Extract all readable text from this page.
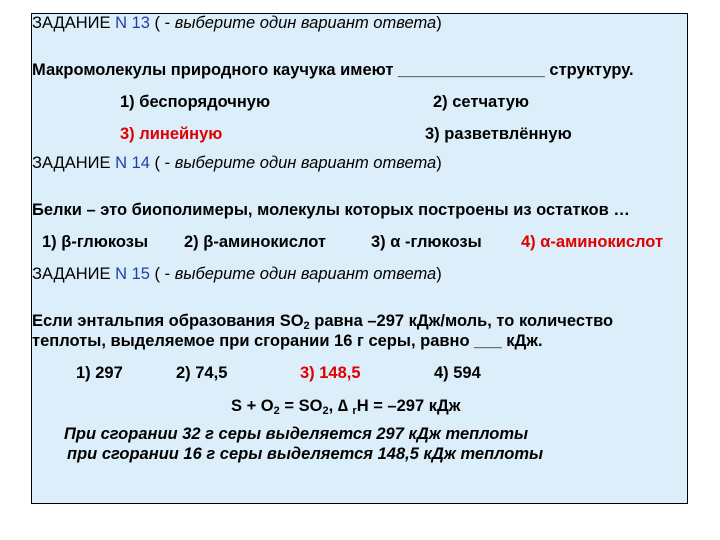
ЗАДАНИЕ N 13 ( - выберите один вариант ответа)
Макромолекулы природного каучука имеют ________________ структуру.
1) беспорядочную	2) сетчатую
3) линейную	3) разветвлённую
ЗАДАНИЕ N 14 ( - выберите один вариант ответа)
Белки – это биополимеры, молекулы которых построены из остатков …
1) β-глюкозы 2) β-аминокислот	3) α -глюкозы 4) α-аминокислот
ЗАДАНИЕ N 15 ( - выберите один вариант ответа)
Если энтальпия образования $SO_2$ равна –297 кДж/моль, то количество
теплоты, выделяемое при сгорании 16 г серы, равно ___ кДж.
1) 297	2) 74,5	3) 148,5	4) 594
$S + O_2 = SO_2$, ∆ $_r$H = –297 кДж
При сгорании 32 г серы выделяется 297 кДж теплоты
при сгорании 16 г серы выделяется 148,5 кДж теплоты
